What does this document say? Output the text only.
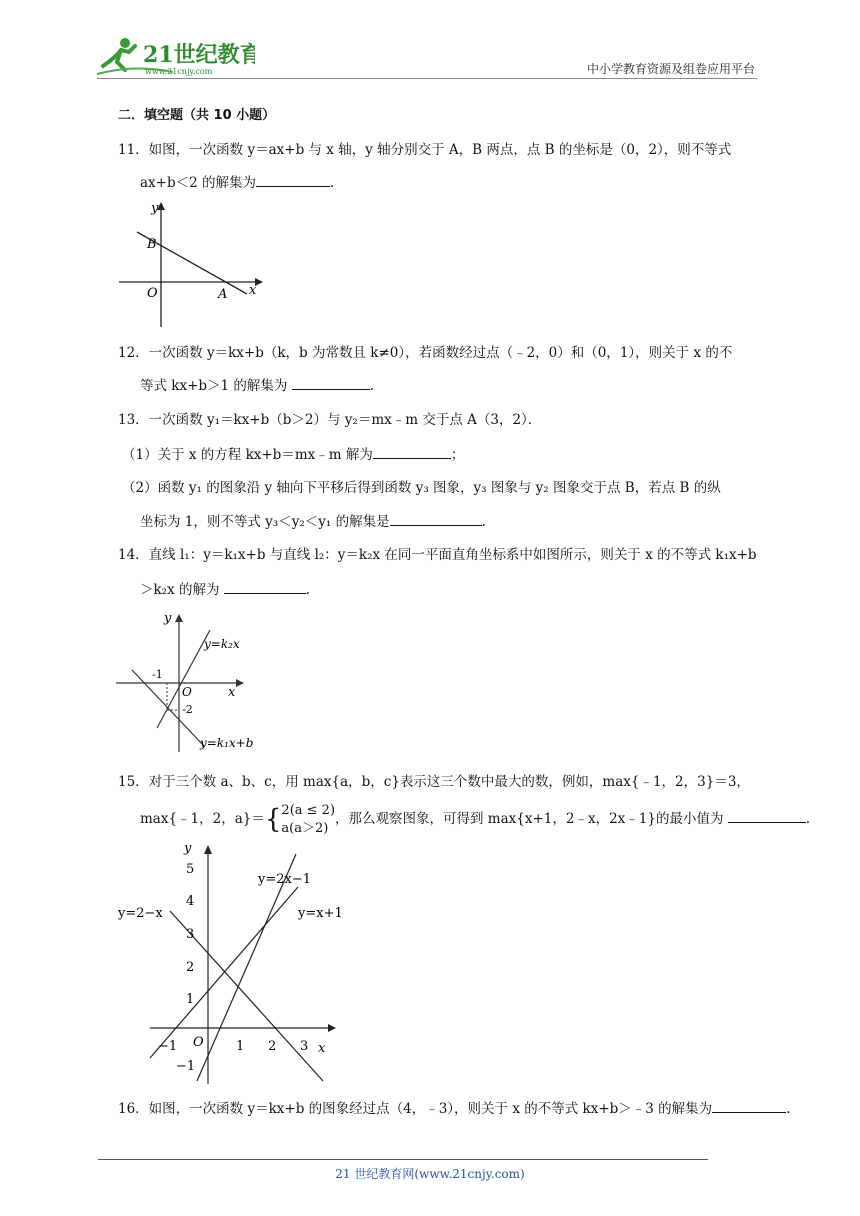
21世纪教育
www.21cnjy.com	中小学教育资源及组卷应用平台
二．填空题（共 10 小题）
11．如图，一次函数 y＝ax+b 与 x 轴，y 轴分别交于 A，B 两点，点 B 的坐标是（0，2），则不等式
ax+b＜2 的解集为	.
y
x
B
O	A
12．一次函数 y＝kx+b（k，b 为常数且 k≠0），若函数经过点（﹣2，0）和（0，1），则关于 x 的不
等式 kx+b＞1 的解集为	.
13．一次函数 y₁＝kx+b（b＞2）与 y₂＝mx﹣m 交于点 A（3，2）．
（1）关于 x 的方程 kx+b＝mx﹣m 解为	；
（2）函数 y₁ 的图象沿 y 轴向下平移后得到函数 y₃ 图象，y₃ 图象与 y₂ 图象交于点 B，若点 B 的纵
坐标为 1，则不等式 y₃＜y₂＜y₁ 的解集是	.
14．直线 l₁：y＝k₁x+b 与直线 l₂：y＝k₂x 在同一平面直角坐标系中如图所示，则关于 x 的不等式 k₁x+b
＞k₂x 的解为	.
y
x
O
-1
-2
y=k₂x
y=k₁x+b
15．对于三个数 a、b、c，用 max{a，b，c}表示这三个数中最大的数，例如，max{﹣1，2，3}＝3，
max{﹣1，2，a}＝{2(a ≤ 2)
a(a＞2)，那么观察图象，可得到 max{x+1，2﹣x，2x﹣1}的最小值为	.
y
x
O
5
4
3
2
1
−1
−1	1 2 3
y=2x−1
y=x+1
y=2−x
16．如图，一次函数 y＝kx+b 的图象经过点（4，﹣3），则关于 x 的不等式 kx+b＞﹣3 的解集为	.
21 世纪教育网(www.21cnjy.com)
